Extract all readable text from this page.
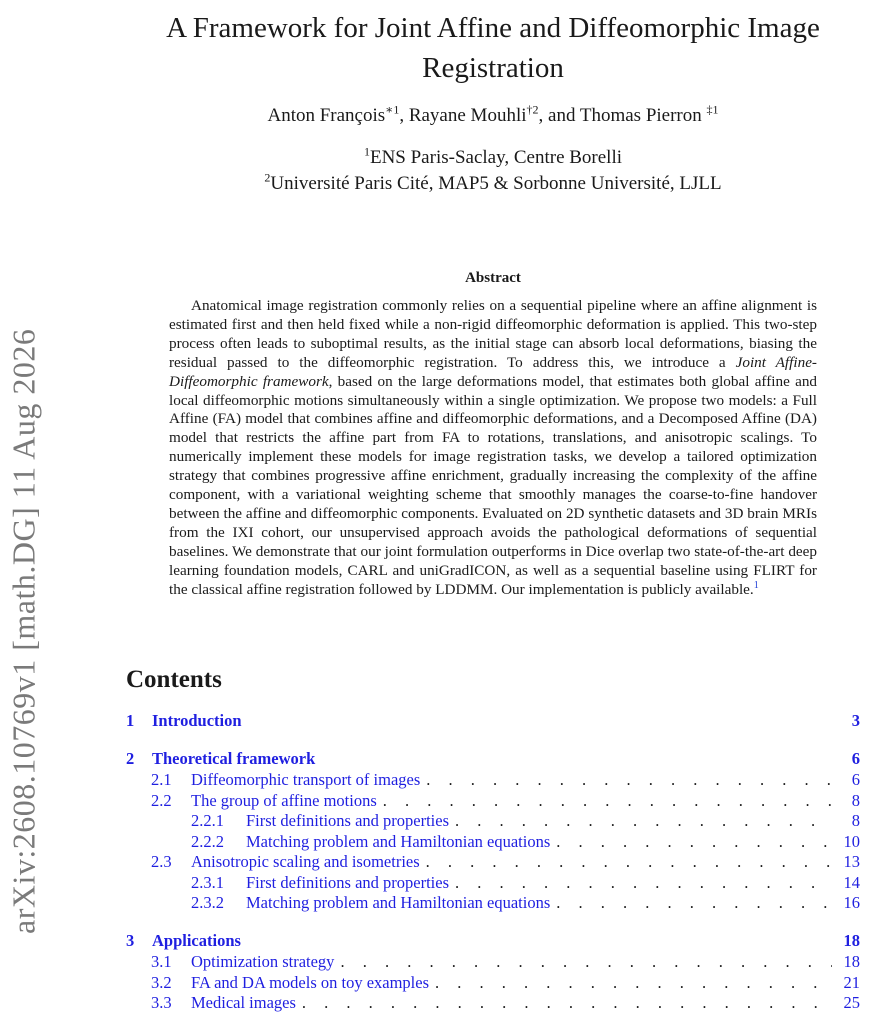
arXiv:2608.10769v1 [math.DG] 11 Aug 2026
A Framework for Joint Affine and Diffeomorphic Image Registration
Anton François$^{∗1}$, Rayane Mouhli$^{\dagger 2}$, and Thomas Pierron $^{\ddagger 1}$
$^1$ENS Paris-Saclay, Centre Borelli
$^2$Université Paris Cité, MAP5 & Sorbonne Université, LJLL
Abstract

Anatomical image registration commonly relies on a sequential pipeline where an affine alignment is estimated first and then held fixed while a non-rigid diffeomorphic deformation is applied. This two-step process often leads to suboptimal results, as the initial stage can absorb local deformations, biasing the residual passed to the diffeomorphic registration. To address this, we introduce a Joint Affine-Diffeomorphic framework, based on the large deformations model, that estimates both global affine and local diffeomorphic motions simultaneously within a single optimization. We propose two models: a Full Affine (FA) model that combines affine and diffeomorphic deformations, and a Decomposed Affine (DA) model that restricts the affine part from FA to rotations, translations, and anisotropic scalings. To numerically implement these models for image registration tasks, we develop a tailored optimization strategy that combines progressive affine enrichment, gradually increasing the complexity of the affine component, with a variational weighting scheme that smoothly manages the coarse-to-fine handover between the affine and diffeomorphic components. Evaluated on 2D synthetic datasets and 3D brain MRIs from the IXI cohort, our unsupervised approach avoids the pathological deformations of sequential baselines. We demonstrate that our joint formulation outperforms in Dice overlap two state-of-the-art deep learning foundation models, CARL and uniGradICON, as well as a sequential baseline using FLIRT for the classical affine registration followed by LDDMM. Our implementation is publicly available.$^1$

Contents
1	Introduction	3
2	Theoretical framework	6
2.1	Diffeomorphic transport of images . . .	6
2.2	The group of affine motions . . .	8
2.2.1	First definitions and properties . . .	8
2.2.2	Matching problem and Hamiltonian equations . . .	10
2.3	Anisotropic scaling and isometries . . .	13
2.3.1	First definitions and properties . . .	14
2.3.2	Matching problem and Hamiltonian equations . . .	16
3	Applications	18
3.1	Optimization strategy . . .	18
3.2	FA and DA models on toy examples . . .	21
3.3	Medical images . . .	25
